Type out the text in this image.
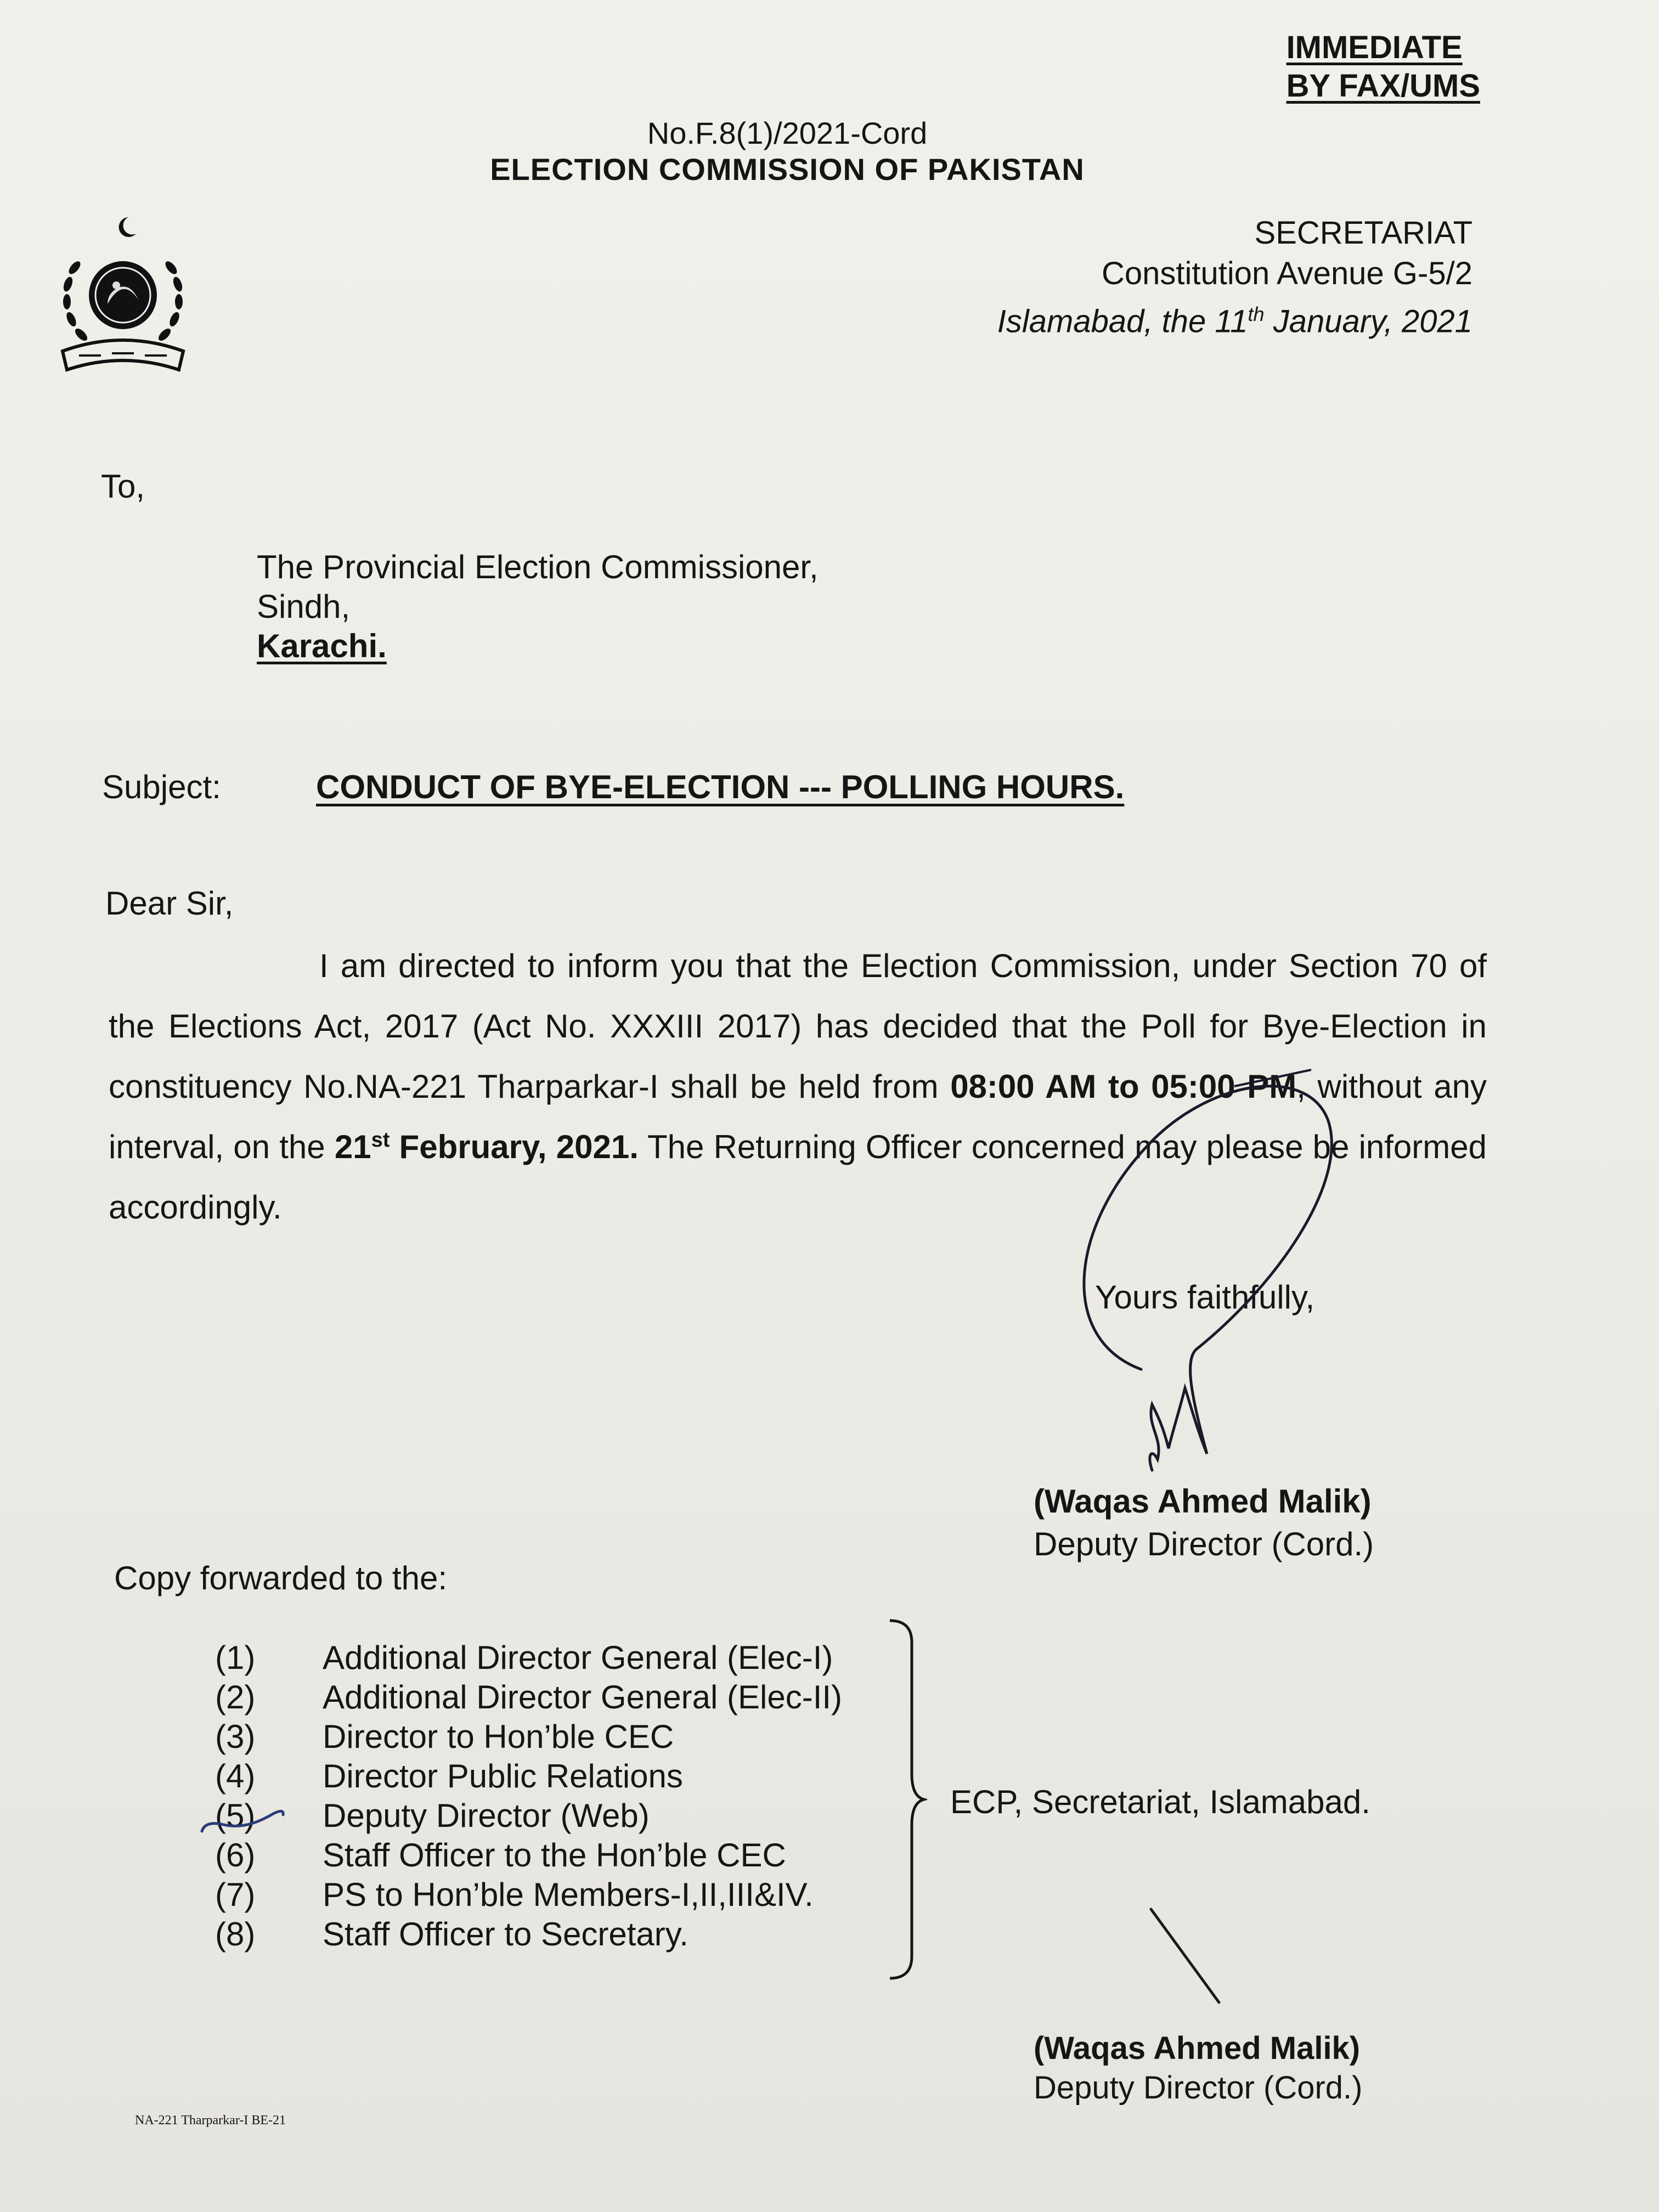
IMMEDIATE
BY FAX/UMS
No.F.8(1)/2021-Cord
ELECTION COMMISSION OF PAKISTAN
SECRETARIAT
Constitution Avenue G-5/2
Islamabad, the 11th January, 2021
To,
The Provincial Election Commissioner,
Sindh,
Karachi.
Subject:	CONDUCT OF BYE-ELECTION --- POLLING HOURS.
Dear Sir,
I am directed to inform you that the Election Commission, under Section 70 of the Elections Act, 2017 (Act No. XXXIII 2017) has decided that the Poll for Bye-Election in constituency No.NA-221 Tharparkar-I shall be held from 08:00 AM to 05:00 PM, without any interval, on the 21st February, 2021. The Returning Officer concerned may please be informed accordingly.
Yours faithfully,
(Waqas Ahmed Malik)
Deputy Director (Cord.)
Copy forwarded to the:
(1)	Additional Director General (Elec-I)
(2)	Additional Director General (Elec-II)
(3)	Director to Hon’ble CEC
(4)	Director Public Relations
(5)	Deputy Director (Web)
(6)	Staff Officer to the Hon’ble CEC
(7)	PS to Hon’ble Members-I,II,III&IV.
(8)	Staff Officer to Secretary.
ECP, Secretariat, Islamabad.
(Waqas Ahmed Malik)
Deputy Director (Cord.)
NA-221 Tharparkar-I BE-21
